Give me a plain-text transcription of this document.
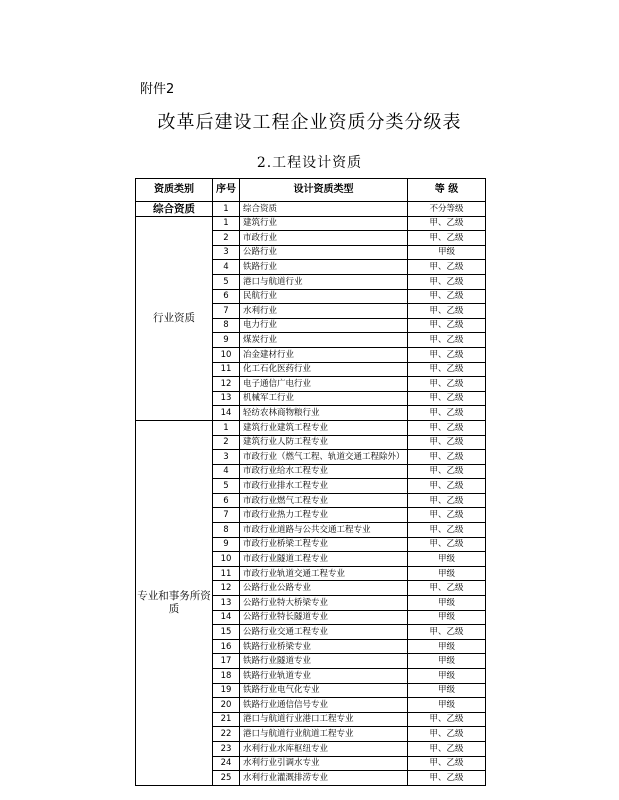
附件2
改革后建设工程企业资质分类分级表
2.工程设计资质
资质类别	序号	设计资质类型	等 级
综合资质	1	综合资质	不分等级
行业资质	1	建筑行业	甲、乙级
	2	市政行业	甲、乙级
	3	公路行业	甲级
	4	铁路行业	甲、乙级
	5	港口与航道行业	甲、乙级
	6	民航行业	甲、乙级
	7	水利行业	甲、乙级
	8	电力行业	甲、乙级
	9	煤炭行业	甲、乙级
	10	冶金建材行业	甲、乙级
	11	化工石化医药行业	甲、乙级
	12	电子通信广电行业	甲、乙级
	13	机械军工行业	甲、乙级
	14	轻纺农林商物粮行业	甲、乙级
专业和事务所资质	1	建筑行业建筑工程专业	甲、乙级
	2	建筑行业人防工程专业	甲、乙级
	3	市政行业（燃气工程、轨道交通工程除外）	甲、乙级
	4	市政行业给水工程专业	甲、乙级
	5	市政行业排水工程专业	甲、乙级
	6	市政行业燃气工程专业	甲、乙级
	7	市政行业热力工程专业	甲、乙级
	8	市政行业道路与公共交通工程专业	甲、乙级
	9	市政行业桥梁工程专业	甲、乙级
	10	市政行业隧道工程专业	甲级
	11	市政行业轨道交通工程专业	甲级
	12	公路行业公路专业	甲、乙级
	13	公路行业特大桥梁专业	甲级
	14	公路行业特长隧道专业	甲级
	15	公路行业交通工程专业	甲、乙级
	16	铁路行业桥梁专业	甲级
	17	铁路行业隧道专业	甲级
	18	铁路行业轨道专业	甲级
	19	铁路行业电气化专业	甲级
	20	铁路行业通信信号专业	甲级
	21	港口与航道行业港口工程专业	甲、乙级
	22	港口与航道行业航道工程专业	甲、乙级
	23	水利行业水库枢纽专业	甲、乙级
	24	水利行业引调水专业	甲、乙级
	25	水利行业灌溉排涝专业	甲、乙级
